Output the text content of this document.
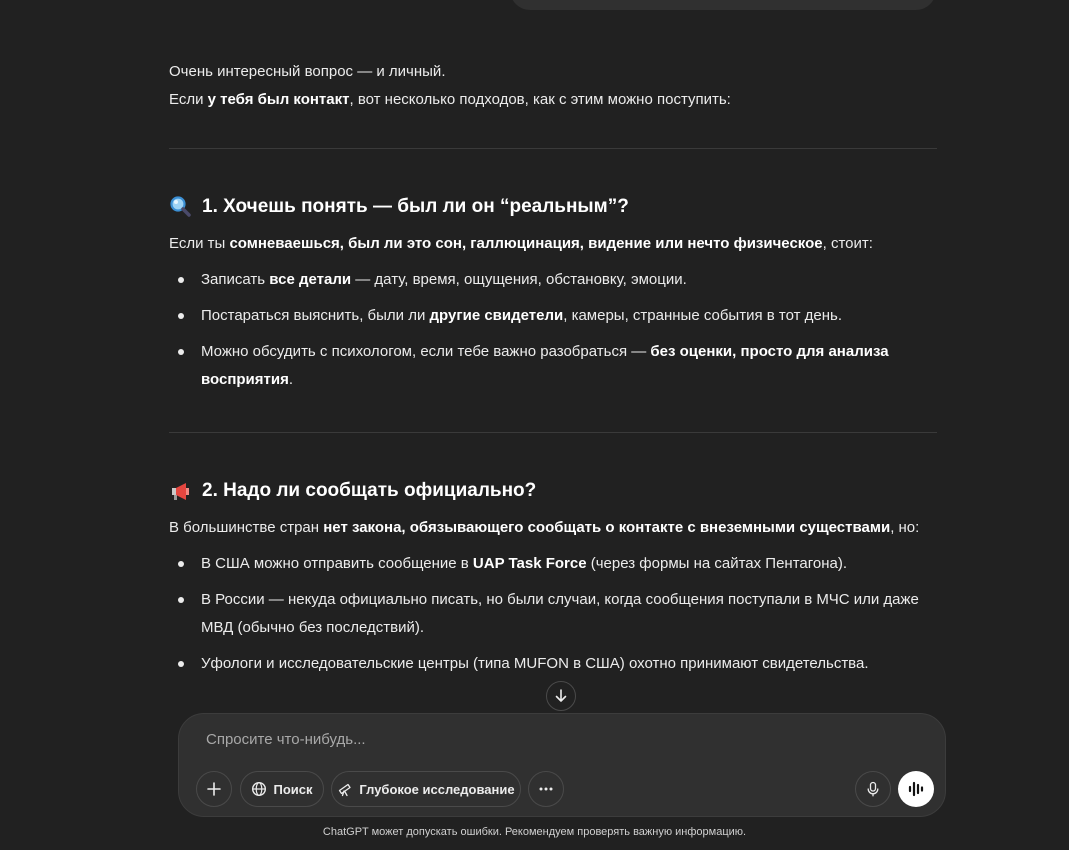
Очень интересный вопрос — и личный.

Если у тебя был контакт, вот несколько подходов, как с этим можно поступить:

1. Хочешь понять — был ли он “реальным”?

Если ты сомневаешься, был ли это сон, галлюцинация, видение или нечто физическое, стоит:

Записать все детали — дату, время, ощущения, обстановку, эмоции.
Постараться выяснить, были ли другие свидетели, камеры, странные события в тот день.
Можно обсудить с психологом, если тебе важно разобраться — без оценки, просто для анализа восприятия.
2. Надо ли сообщать официально?

В большинстве стран нет закона, обязывающего сообщать о контакте с внеземными существами, но:

В США можно отправить сообщение в UAP Task Force (через формы на сайтах Пентагона).
В России — некуда официально писать, но были случаи, когда сообщения поступали в МЧС или даже МВД (обычно без последствий).
Уфологи и исследовательские центры (типа MUFON в США) охотно принимают свидетельства.
Спросите что-нибудь...
Поиск	Глубокое исследование
ChatGPT может допускать ошибки. Рекомендуем проверять важную информацию.
